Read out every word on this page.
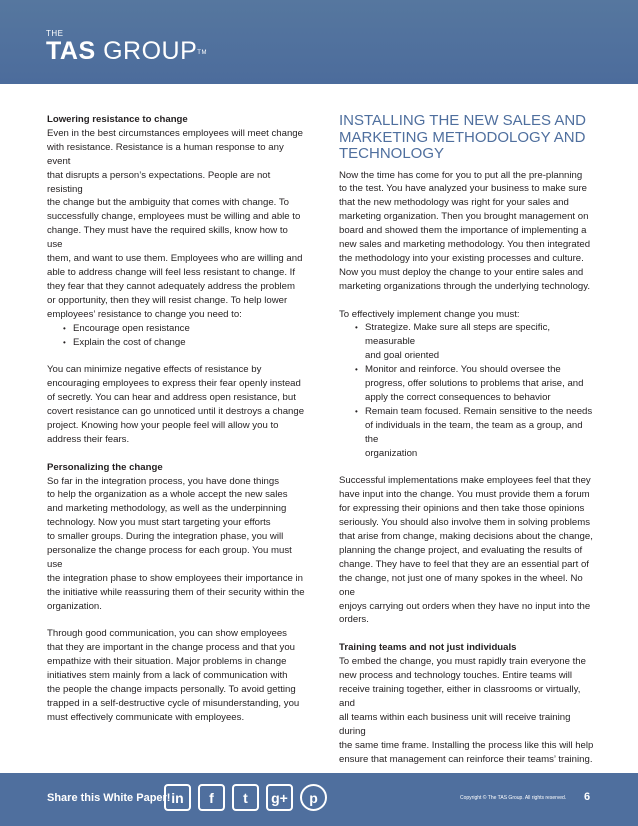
THE
TAS GROUP™

Lowering resistance to change

Even in the best circumstances employees will meet change
with resistance. Resistance is a human response to any event
that disrupts a person’s expectations. People are not resisting
the change but the ambiguity that comes with change. To
successfully change, employees must be willing and able to
change. They must have the required skills, know how to use
them, and want to use them. Employees who are willing and
able to address change will feel less resistant to change. If
they fear that they cannot adequately address the problem
or opportunity, then they will resist change. To help lower
employees’ resistance to change you need to:
• Encourage open resistance
• Explain the cost of change
You can minimize negative effects of resistance by
encouraging employees to express their fear openly instead
of secretly. You can hear and address open resistance, but
covert resistance can go unnoticed until it destroys a change
project. Knowing how your people feel will allow you to
address their fears.

Personalizing the change

So far in the integration process, you have done things
to help the organization as a whole accept the new sales
and marketing methodology, as well as the underpinning
technology. Now you must start targeting your efforts
to smaller groups. During the integration phase, you will
personalize the change process for each group. You must use
the integration phase to show employees their importance in
the initiative while reassuring them of their security within the
organization.
Through good communication, you can show employees
that they are important in the change process and that you
empathize with their situation. Major problems in change
initiatives stem mainly from a lack of communication with
the people the change impacts personally. To avoid getting
trapped in a self-destructive cycle of misunderstanding, you
must effectively communicate with employees.
INSTALLING THE NEW SALES AND
MARKETING METHODOLOGY AND
TECHNOLOGY
Now the time has come for you to put all the pre-planning
to the test. You have analyzed your business to make sure
that the new methodology was right for your sales and
marketing organization. Then you brought management on
board and showed them the importance of implementing a
new sales and marketing methodology. You then integrated
the methodology into your existing processes and culture.
Now you must deploy the change to your entire sales and
marketing organizations through the underlying technology.

To effectively implement change you must:

• Strategize. Make sure all steps are specific, measurable
and goal oriented
• Monitor and reinforce. You should oversee the
progress, offer solutions to problems that arise, and
apply the correct consequences to behavior
• Remain team focused. Remain sensitive to the needs
of individuals in the team, the team as a group, and the
organization
Successful implementations make employees feel that they
have input into the change. You must provide them a forum
for expressing their opinions and then take those opinions
seriously. You should also involve them in solving problems
that arise from change, making decisions about the change,
planning the change project, and evaluating the results of
change. They have to feel that they are an essential part of
the change, not just one of many spokes in the wheel. No one
enjoys carrying out orders when they have no input into the
orders.

Training teams and not just individuals

To embed the change, you must rapidly train everyone the
new process and technology touches. Entire teams will
receive training together, either in classrooms or virtually, and
all teams within each business unit will receive training during
the same time frame. Installing the process like this will help
ensure that management can reinforce their teams’ training.
Share this White Paper! in	f	t	g+	p	Copyright © The TAS Group. All rights reserved. 6
